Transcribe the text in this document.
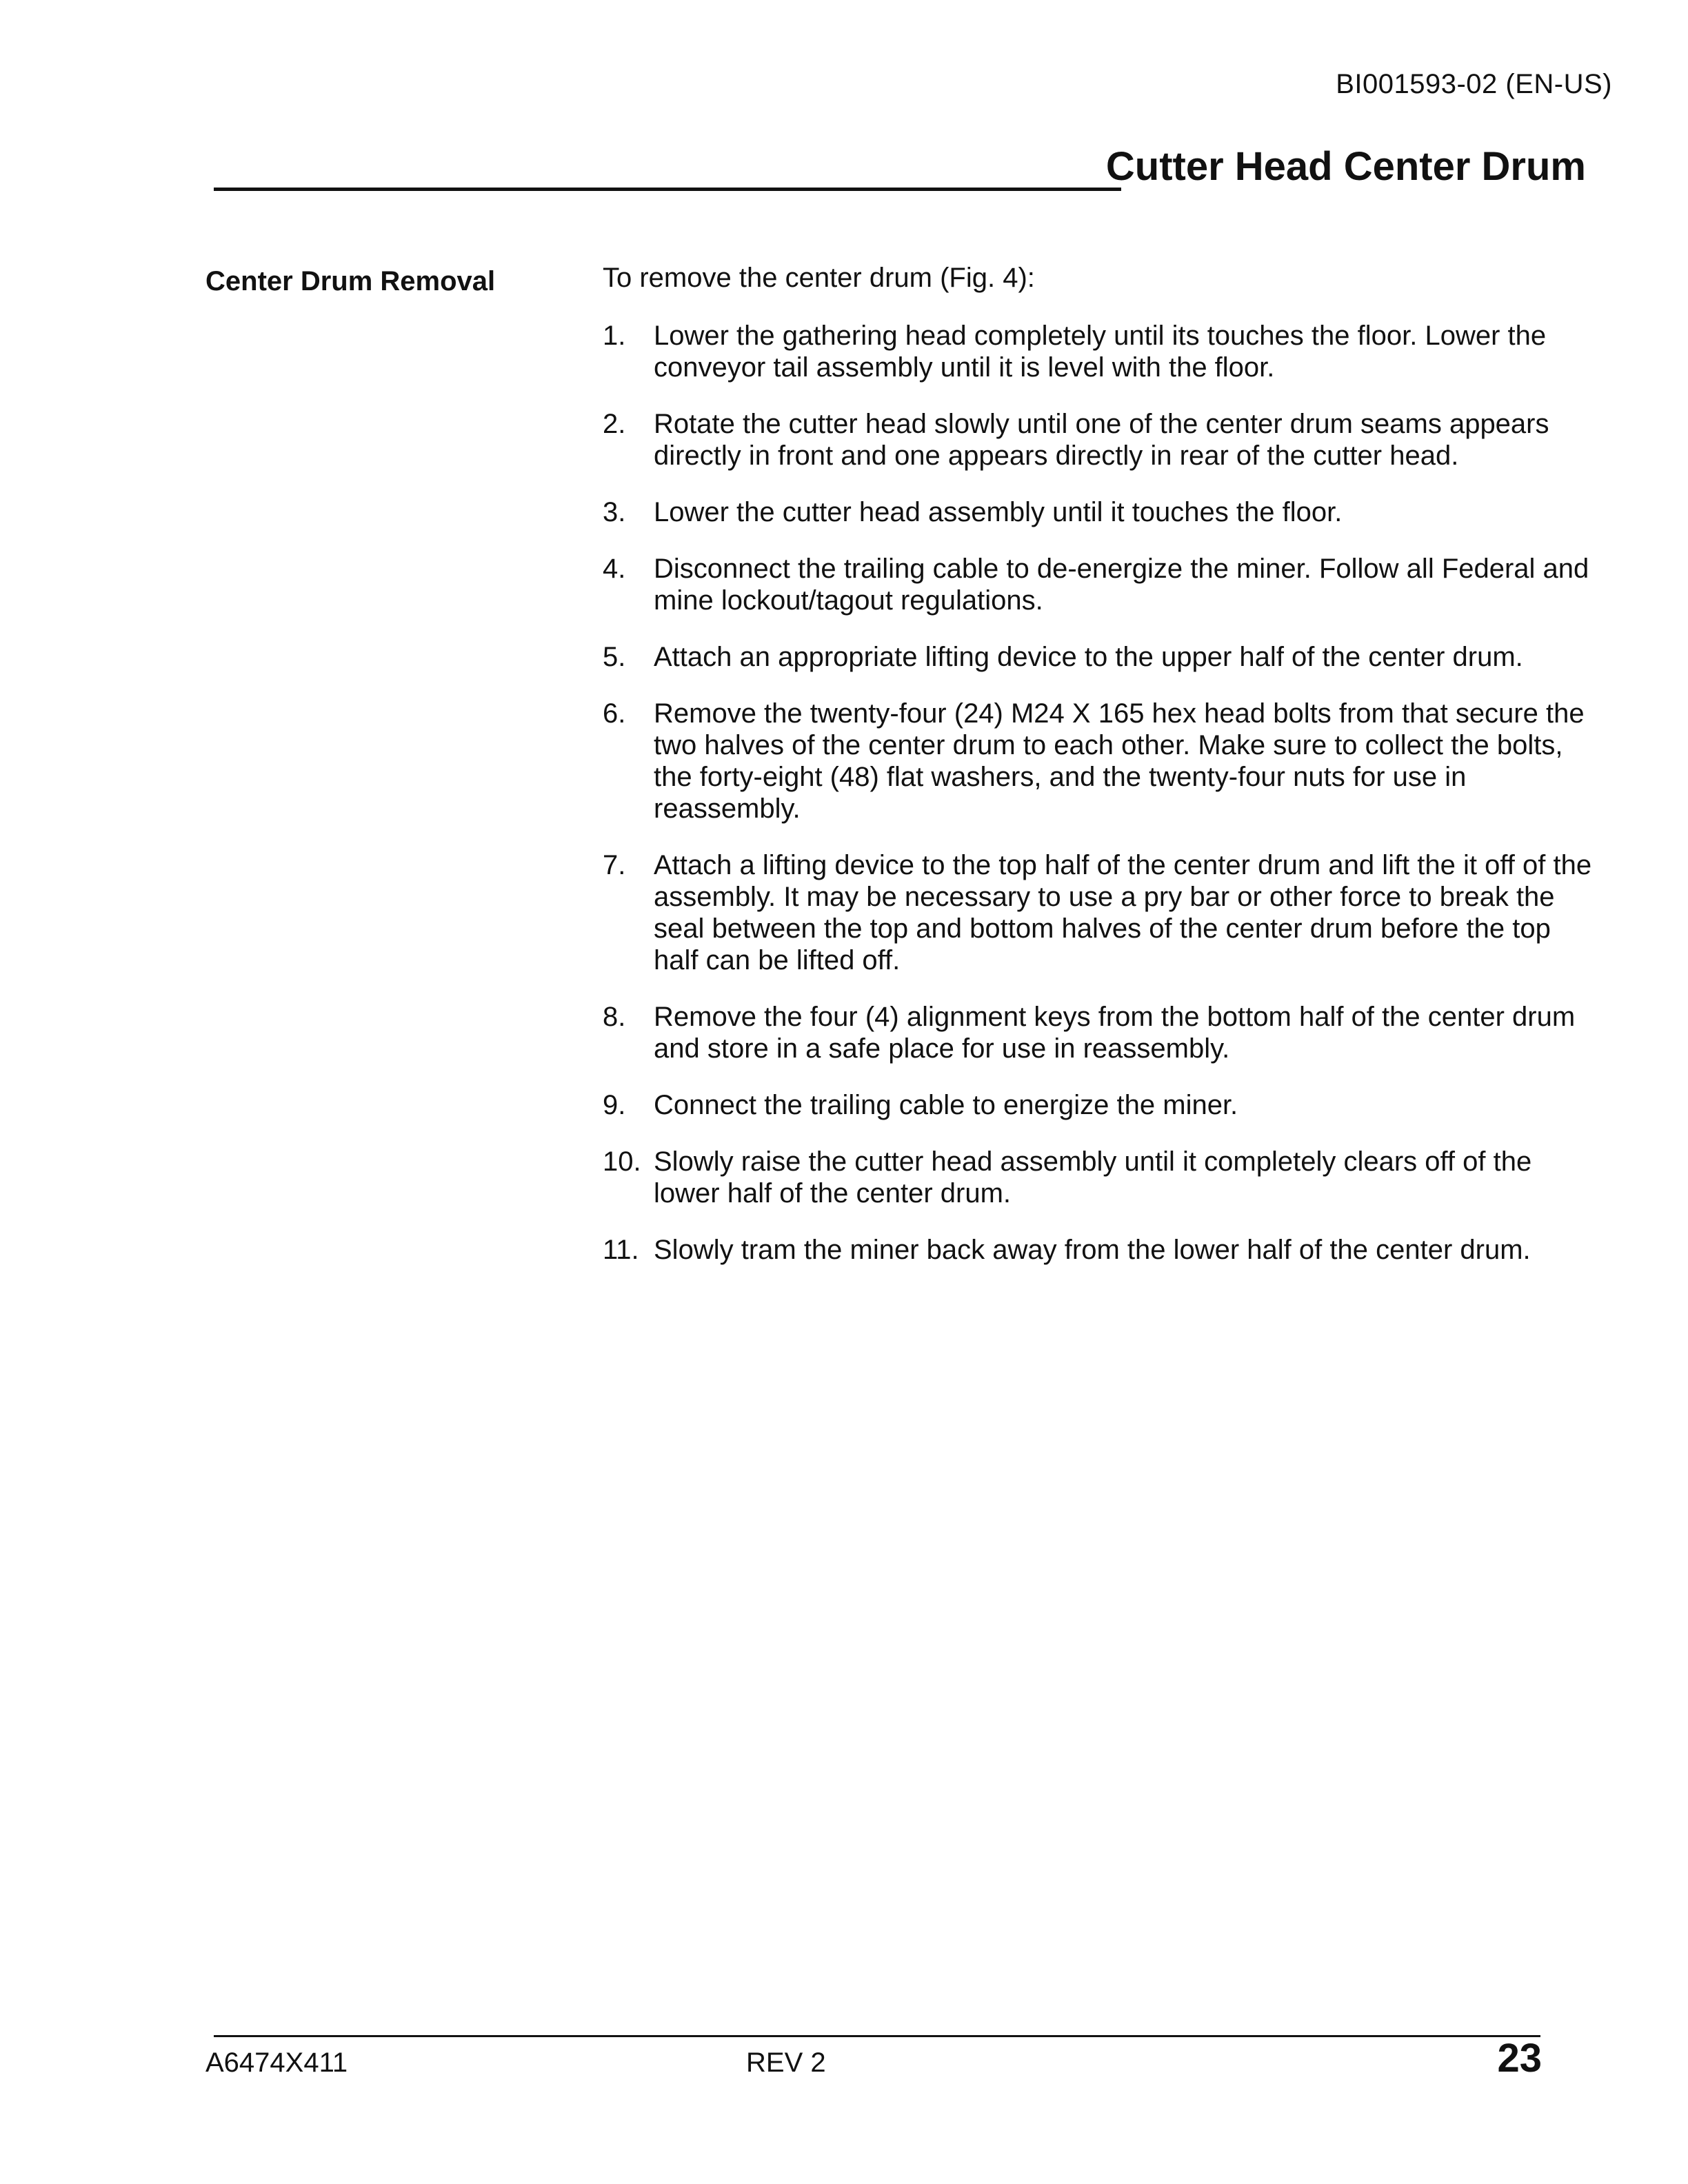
BI001593-02 (EN-US)
Cutter Head Center Drum
Center Drum Removal	To remove the center drum (Fig. 4):

1.	Lower the gathering head completely until its touches the floor. Lower the conveyor tail assembly until it is level with the floor.
2.	Rotate the cutter head slowly until one of the center drum seams appears directly in front and one appears directly in rear of the cutter head.
3.	Lower the cutter head assembly until it touches the floor.
4.	Disconnect the trailing cable to de-energize the miner. Follow all Federal and mine lockout/tagout regulations.
5.	Attach an appropriate lifting device to the upper half of the center drum.
6.	Remove the twenty-four (24) M24 X 165 hex head bolts from that secure the two halves of the center drum to each other. Make sure to collect the bolts, the forty-eight (48) flat washers, and the twenty-four nuts for use in reassembly.
7.	Attach a lifting device to the top half of the center drum and lift the it off of the assembly. It may be necessary to use a pry bar or other force to break the seal between the top and bottom halves of the center drum before the top half can be lifted off.
8.	Remove the four (4) alignment keys from the bottom half of the center drum and store in a safe place for use in reassembly.
9.	Connect the trailing cable to energize the miner.
10. Slowly raise the cutter head assembly until it completely clears off of the lower half of the center drum.
11. Slowly tram the miner back away from the lower half of the center drum.
A6474X411	REV 2	23
